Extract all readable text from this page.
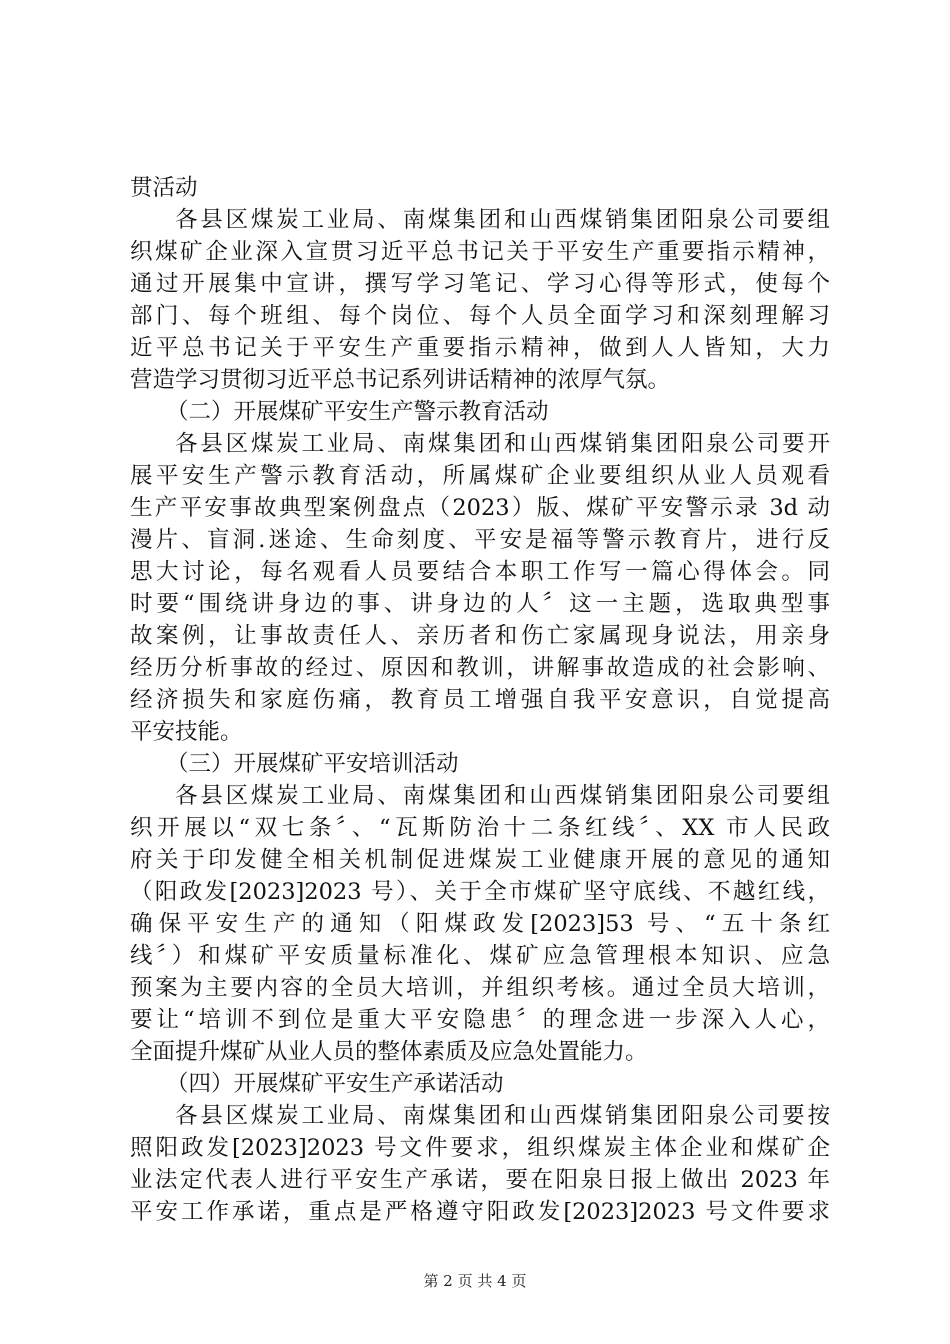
贯活动
各县区煤炭工业局、南煤集团和山西煤销集团阳泉公司要组
织煤矿企业深入宣贯习近平总书记关于平安生产重要指示精神，
通过开展集中宣讲，撰写学习笔记、学习心得等形式，使每个
部门、每个班组、每个岗位、每个人员全面学习和深刻理解习
近平总书记关于平安生产重要指示精神，做到人人皆知，大力
营造学习贯彻习近平总书记系列讲话精神的浓厚气氛。
（二）开展煤矿平安生产警示教育活动
各县区煤炭工业局、南煤集团和山西煤销集团阳泉公司要开
展平安生产警示教育活动，所属煤矿企业要组织从业人员观看
生产平安事故典型案例盘点（2023）版、煤矿平安警示录 3d 动
漫片、盲洞.迷途、生命刻度、平安是福等警示教育片，进行反
思大讨论，每名观看人员要结合本职工作写一篇心得体会。同
时要“围绕讲身边的事、讲身边的人〞这一主题，选取典型事
故案例，让事故责任人、亲历者和伤亡家属现身说法，用亲身
经历分析事故的经过、原因和教训，讲解事故造成的社会影响、
经济损失和家庭伤痛，教育员工增强自我平安意识，自觉提高
平安技能。
（三）开展煤矿平安培训活动
各县区煤炭工业局、南煤集团和山西煤销集团阳泉公司要组
织开展以“双七条〞、“瓦斯防治十二条红线〞、XX 市人民政
府关于印发健全相关机制促进煤炭工业健康开展的意见的通知
（阳政发[2023]2023 号）、关于全市煤矿坚守底线、不越红线，
确保平安生产的通知（阳煤政发[2023]53 号、“五十条红
线〞）和煤矿平安质量标准化、煤矿应急管理根本知识、应急
预案为主要内容的全员大培训，并组织考核。通过全员大培训，
要让“培训不到位是重大平安隐患〞的理念进一步深入人心，
全面提升煤矿从业人员的整体素质及应急处置能力。
（四）开展煤矿平安生产承诺活动
各县区煤炭工业局、南煤集团和山西煤销集团阳泉公司要按
照阳政发[2023]2023 号文件要求，组织煤炭主体企业和煤矿企
业法定代表人进行平安生产承诺，要在阳泉日报上做出 2023 年
平安工作承诺，重点是严格遵守阳政发[2023]2023 号文件要求
第 2 页 共 4 页
